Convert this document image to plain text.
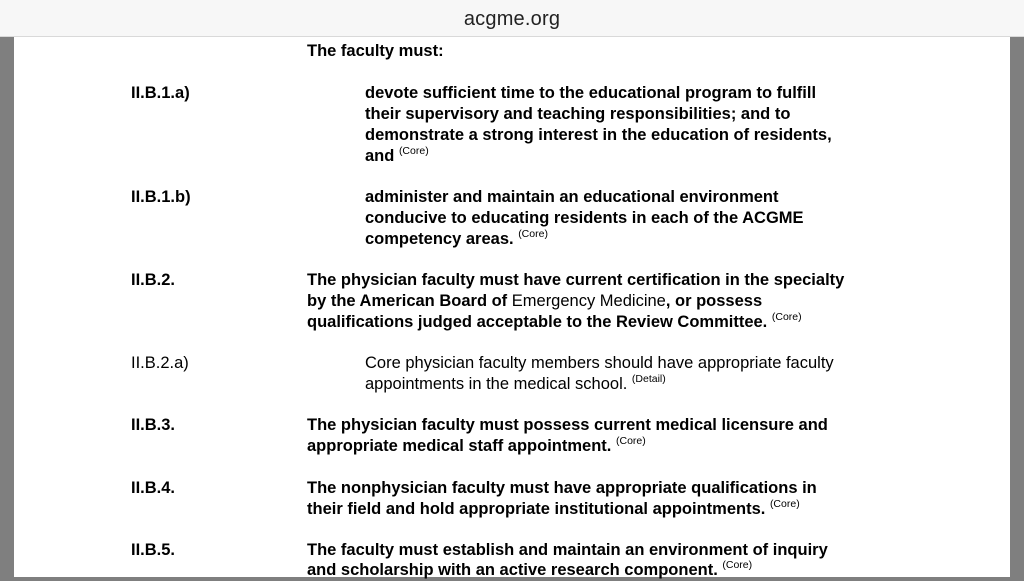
acgme.org
The faculty must:
II.B.1.a)	devote sufficient time to the educational program to fulfill
their supervisory and teaching responsibilities; and to
demonstrate a strong interest in the education of residents,
and $^{(Core)}$
II.B.1.b)	administer and maintain an educational environment
conducive to educating residents in each of the ACGME
competency areas. $^{(Core)}$
II.B.2.	The physician faculty must have current certification in the specialty
by the American Board of Emergency Medicine, or possess
qualifications judged acceptable to the Review Committee. $^{(Core)}$
II.B.2.a)	Core physician faculty members should have appropriate faculty
appointments in the medical school. $^{(Detail)}$
II.B.3.	The physician faculty must possess current medical licensure and
appropriate medical staff appointment. $^{(Core)}$
II.B.4.	The nonphysician faculty must have appropriate qualifications in
their field and hold appropriate institutional appointments. $^{(Core)}$
II.B.5.	The faculty must establish and maintain an environment of inquiry
and scholarship with an active research component. $^{(Core)}$
